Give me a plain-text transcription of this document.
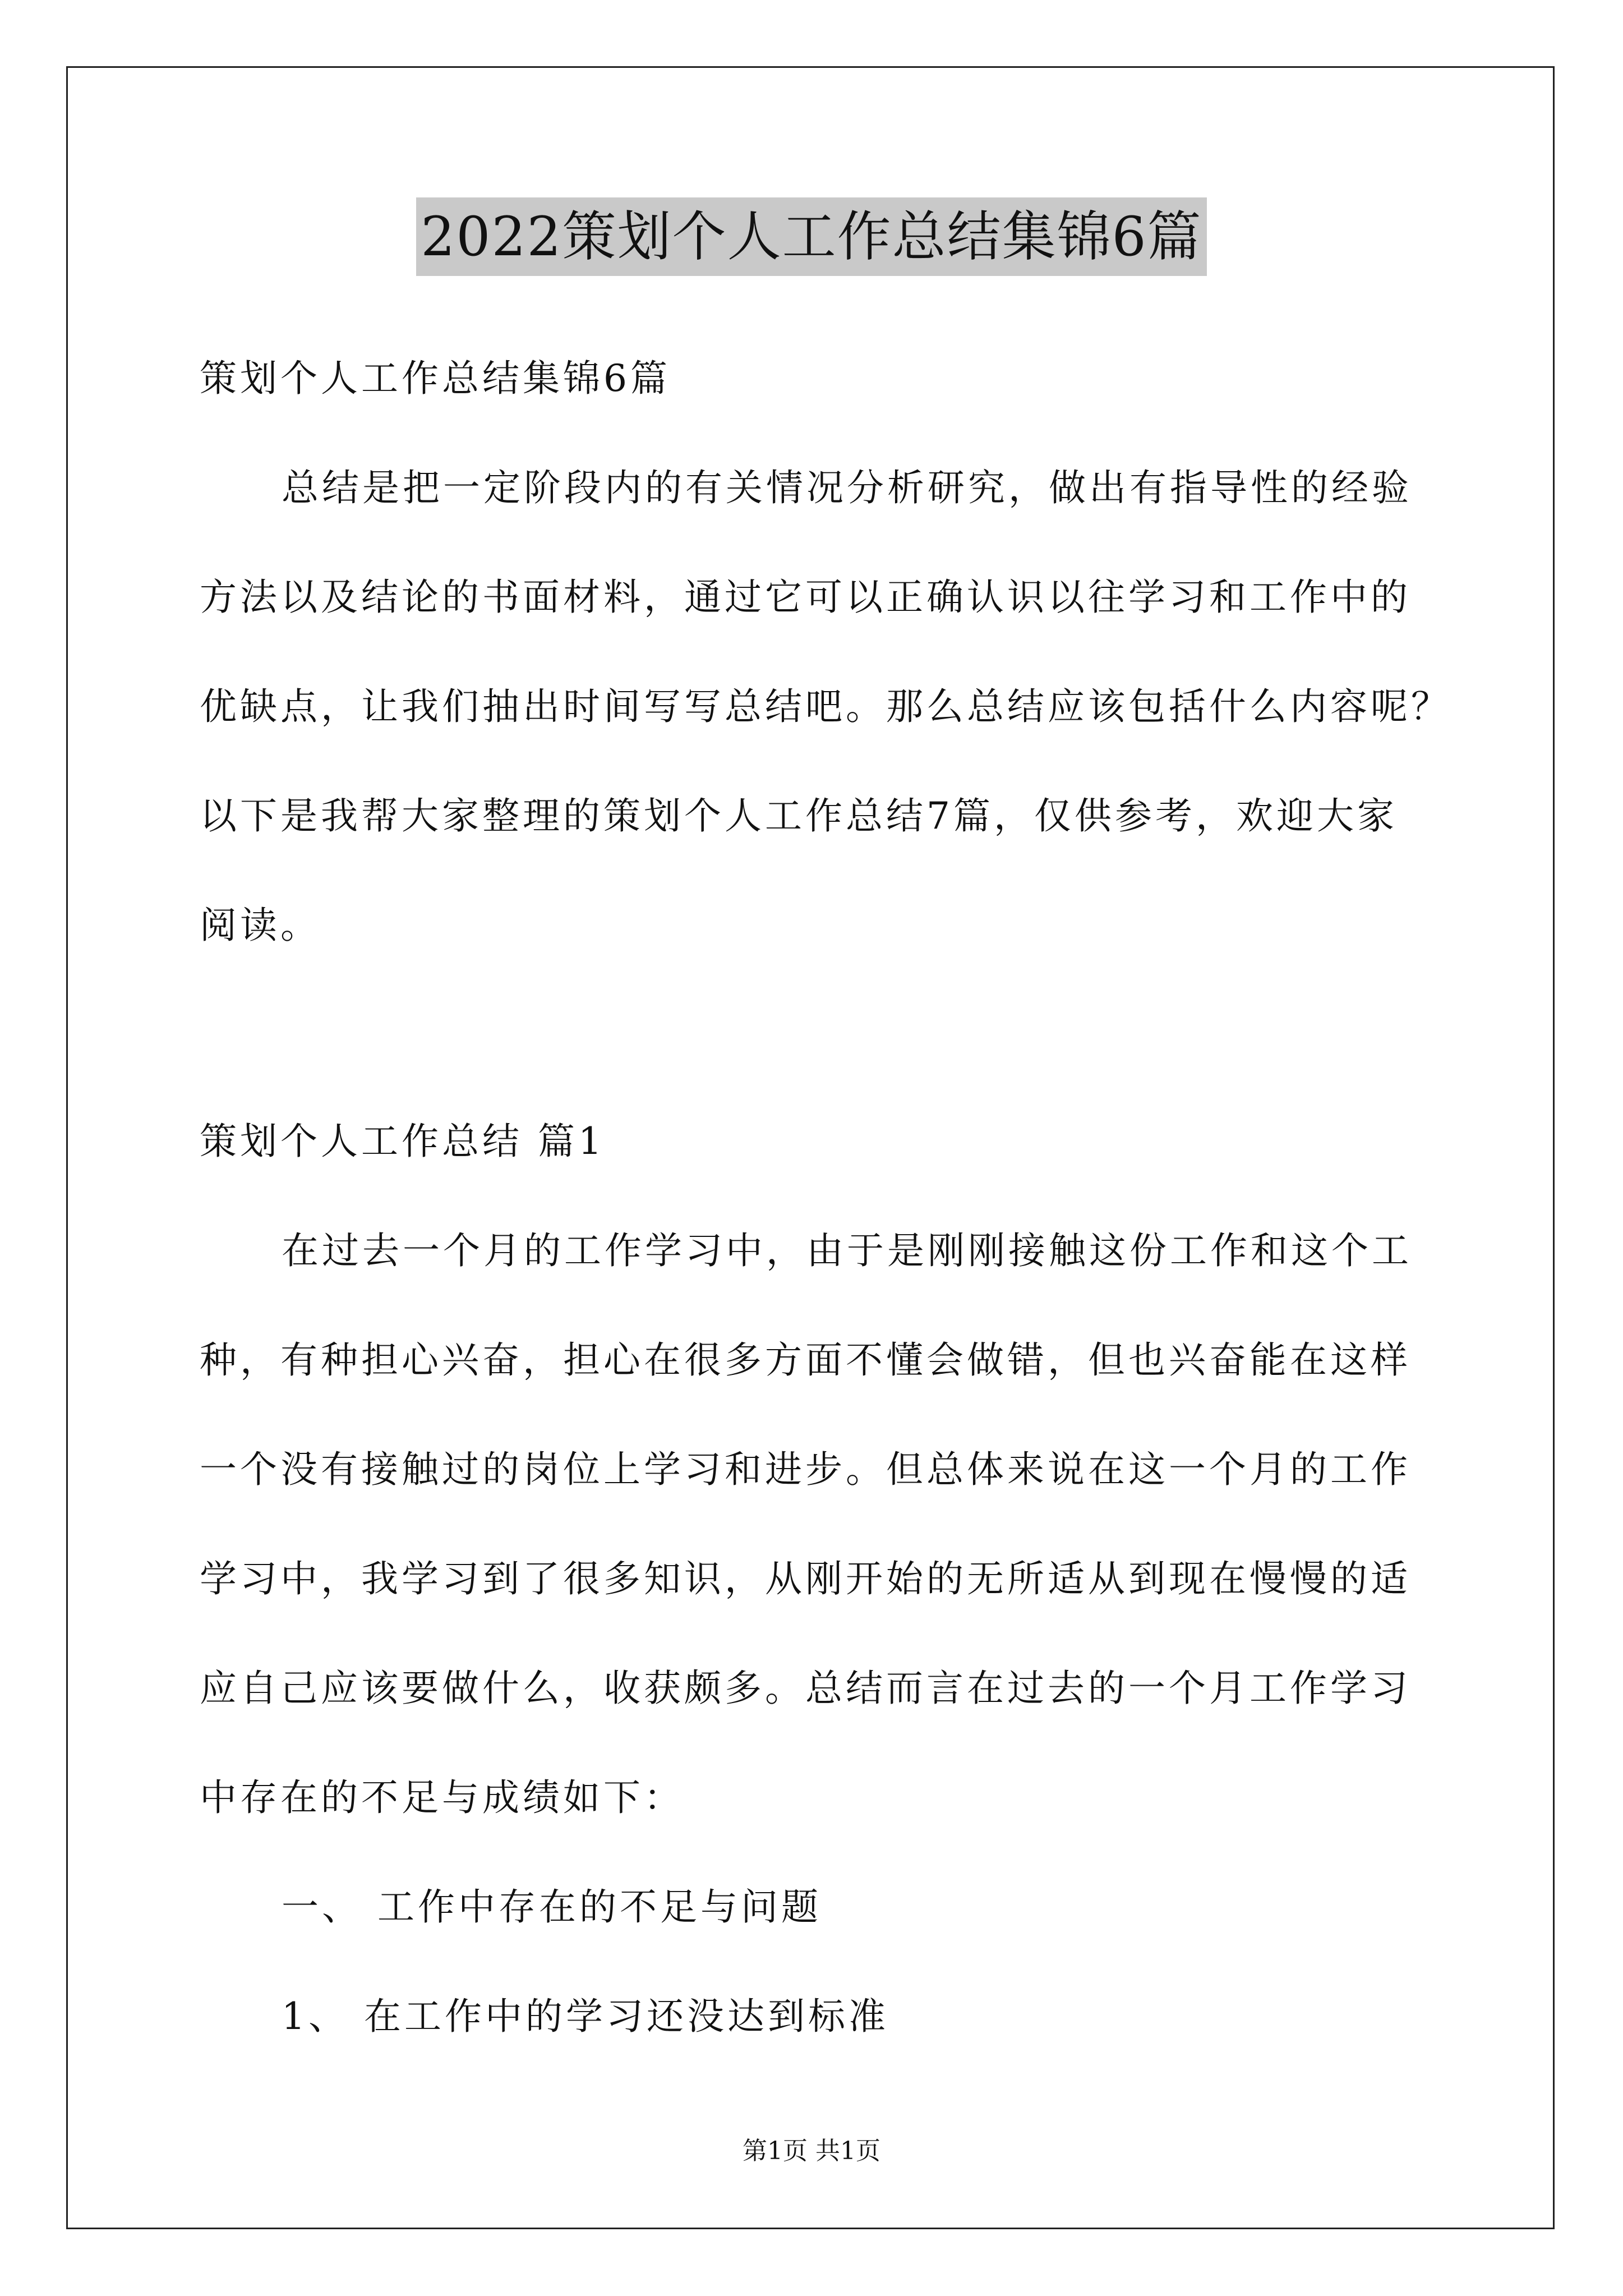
2022策划个人工作总结集锦6篇
策划个人工作总结集锦6篇
总结是把一定阶段内的有关情况分析研究，做出有指导性的经验
方法以及结论的书面材料，通过它可以正确认识以往学习和工作中的
优缺点，让我们抽出时间写写总结吧。那么总结应该包括什么内容呢？
以下是我帮大家整理的策划个人工作总结7篇，仅供参考，欢迎大家
阅读。
策划个人工作总结 篇1
在过去一个月的工作学习中，由于是刚刚接触这份工作和这个工
种，有种担心兴奋，担心在很多方面不懂会做错，但也兴奋能在这样
一个没有接触过的岗位上学习和进步。但总体来说在这一个月的工作
学习中，我学习到了很多知识，从刚开始的无所适从到现在慢慢的适
应自己应该要做什么，收获颇多。总结而言在过去的一个月工作学习
中存在的不足与成绩如下：
一、 工作中存在的不足与问题
1、 在工作中的学习还没达到标准
第1页 共1页
